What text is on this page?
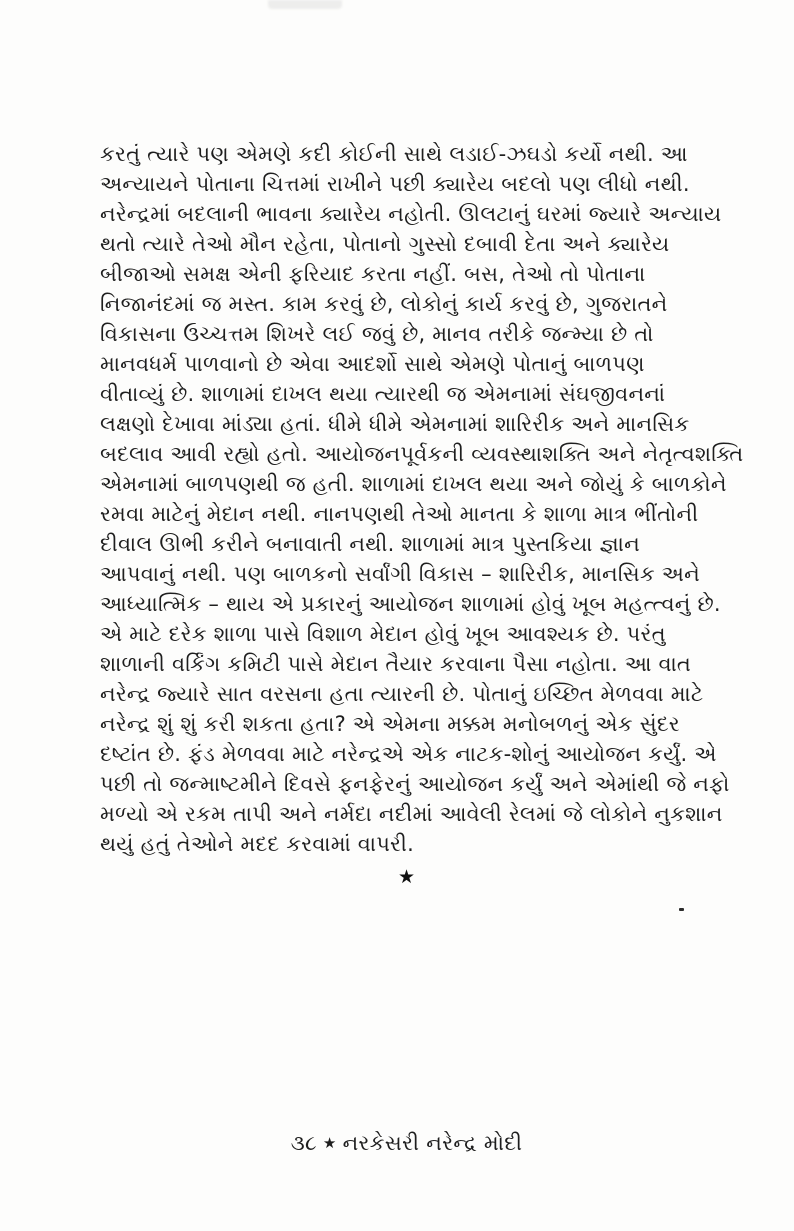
કરતું ત્યારે પણ એમણે કદી કોઈની સાથે લડાઈ-ઝઘડો કર્યો નથી. આ
અન્યાયને પોતાના ચિત્તમાં રાખીને પછી ક્યારેય બદલો પણ લીધો નથી.
નરેન્દ્રમાં બદલાની ભાવના ક્યારેય નહોતી. ઊલટાનું ઘરમાં જ્યારે અન્યાય
થતો ત્યારે તેઓ મૌન રહેતા, પોતાનો ગુસ્સો દબાવી દેતા અને ક્યારેય
બીજાઓ સમક્ષ એની ફરિયાદ કરતા નહીં. બસ, તેઓ તો પોતાના
નિજાનંદમાં જ મસ્ત. કામ કરવું છે, લોકોનું કાર્ય કરવું છે, ગુજરાતને
વિકાસના ઉચ્ચત્તમ શિખરે લઈ જવું છે, માનવ તરીકે જન્મ્યા છે તો
માનવધર્મ પાળવાનો છે એવા આદર્શો સાથે એમણે પોતાનું બાળપણ
વીતાવ્યું છે. શાળામાં દાખલ થયા ત્યારથી જ એમનામાં સંઘજીવનનાં
લક્ષણો દેખાવા માંડ્યા હતાં. ધીમે ધીમે એમનામાં શારિરીક અને માનસિક
બદલાવ આવી રહ્યો હતો. આયોજનપૂર્વકની વ્યવસ્થાશક્તિ અને નેતૃત્વશક્તિ
એમનામાં બાળપણથી જ હતી. શાળામાં દાખલ થયા અને જોયું કે બાળકોને
રમવા માટેનું મેદાન નથી. નાનપણથી તેઓ માનતા કે શાળા માત્ર ભીંતોની
દીવાલ ઊભી કરીને બનાવાતી નથી. શાળામાં માત્ર પુસ્તકિયા જ્ઞાન
આપવાનું નથી. પણ બાળકનો સર્વાંગી વિકાસ – શારિરીક, માનસિક અને
આધ્યાત્મિક – થાય એ પ્રકારનું આયોજન શાળામાં હોવું ખૂબ મહત્ત્વનું છે.
એ માટે દરેક શાળા પાસે વિશાળ મેદાન હોવું ખૂબ આવશ્યક છે. પરંતુ
શાળાની વર્કિંગ કમિટી પાસે મેદાન તૈયાર કરવાના પૈસા નહોતા. આ વાત
નરેન્દ્ર જ્યારે સાત વરસના હતા ત્યારની છે. પોતાનું ઇચ્છિત મેળવવા માટે
નરેન્દ્ર શું શું કરી શકતા હતા? એ એમના મક્કમ મનોબળનું એક સુંદર
દષ્ટાંત છે. ફંડ મેળવવા માટે નરેન્દ્રએ એક નાટક-શોનું આયોજન કર્યું. એ
પછી તો જન્માષ્ટમીને દિવસે ફનફેરનું આયોજન કર્યું અને એમાંથી જે નફો
મળ્યો એ રકમ તાપી અને નર્મદા નદીમાં આવેલી રેલમાં જે લોકોને નુકશાન
થયું હતું તેઓને મદદ કરવામાં વાપરી.
★
૩૮ ★ નરકેસરી નરેન્દ્ર મોદી
